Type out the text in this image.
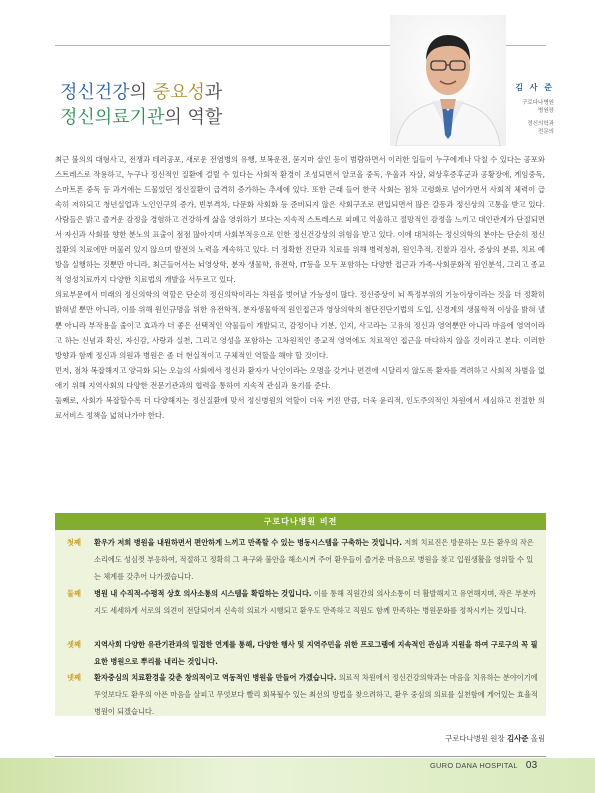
정신건강의 중요성과
정신의료기관의 역할
김 사 준
구로다나병원
병원장
정신의학과
전문의

최근 불의의 대형사고, 전쟁과 테러공포, 새로운 전염병의 유행, 보복운전, 묻지마 살인 등이 범람하면서 이러한 일들이 누구에게나 닥칠 수 있다는 공포와 스트레스로 작용하고, 누구나 정신적인 질환에 걸릴 수 있다는 사회적 환경이 조성되면서 알코올 중독, 우울과 자살, 외상후증후군과 공황장애, 게임중독, 스마트폰 중독 등 과거에는 드물었던 정신질환이 급격히 증가하는 추세에 있다. 또한 근래 들어 한국 사회는 점차 고령화로 넘어가면서 사회적 체력이 급속히 저하되고 청년실업과 노인인구의 증가, 빈부격차, 다문화 사회화 등 준비되지 않은 사회구조로 편입되면서 많은 갈등과 정신상의 고통을 받고 있다. 사람들은 밝고 즐거운 감정을 경험하고 건강하게 삶을 영위하기 보다는 지속적 스트레스로 피폐고 억울하고 절망적인 감정을 느끼고 대인관계가 단절되면서 자신과 사회를 향한 분노의 표출이 점점 많아지며 사회부적응으로 인한 정신건강상의 위험을 받고 있다. 이에 대처하는 정신의학의 분야는 단순히 정신질환의 치료에만 머물러 있지 않으며 발전의 노력을 계속하고 있다. 더 정확한 진단과 치료를 위해 병력청취, 원인추적, 진찰과 검사, 증상의 분류, 치료 예방을 실행하는 것뿐만 아니라, 최근들어서는 뇌영상학, 분자 생물학, 유전학, IT등을 모두 포함하는 다양한 접근과 가족-사회문화적 원인분석, 그리고 종교적 영성치료까지 다양한 치료법의 개발을 서두르고 있다.

의료부문에서 미래의 정신의학의 역할은 단순히 정신의학이라는 차원을 벗어날 가능성이 많다. 정신증상이 뇌 특정부위의 기능이상이라는 것을 더 정확히 밝혀낼 뿐만 아니라, 이를 위해 원인규명을 위한 유전학적, 분자생물학적 원인접근과 영상의학의 첨단진단기법의 도입, 신경계의 생물학적 이상을 밝혀 낼뿐 아니라 부작용을 줄이고 효과가 더 좋은 선택적인 약물들이 개발되고, 감정이나 기분, 인지, 사고라는 고유의 정신과 영역뿐만 아니라 마음에 영역이라고 하는 신념과 확신, 자신감, 사랑과 실천, 그리고 영성을 포함하는 고차원적인 종교적 영역에도 치료적인 접근을 마다하지 않을 것이라고 본다. 이러한 방향과 함께 정신과 의원과 병원은 좀 더 현실적이고 구체적인 역할을 해야 할 것이다.

먼저, 점차 복잡해지고 양극화 되는 오늘의 사회에서 정신과 환자가 낙인이라는 오명을 갖거나 편견에 시달리지 않도록 환자를 격려하고 사회적 차별을 없애기 위해 지역사회의 다양한 전문기관과의 협력을 통하여 지속적 관심과 용기를 준다.

둘째로, 사회가 복잡할수록 더 다양해지는 정신질환에 맞서 정신병원의 역할이 더욱 커진 만큼, 더욱 윤리적, 인도주의적인 차원에서 세심하고 친절한 의료서비스 정책을 넓혀나가야 한다.

구로다나병원 비전
첫째 환우가 저희 병원을 내원하면서 편안하게 느끼고 만족할 수 있는 병동시스템을 구축하는 것입니다. 저희 치료진은 방문하는 모든 환우의 작은 소리에도 성심껏 부응하여, 적절하고 정확히 그 욕구와 불안을 해소시켜 주어 환우들이 즐거운 마음으로 병원을 찾고 입원생활을 영위할 수 있는 체계를 갖추어 나가겠습니다.
둘째 병원 내 수직적-수평적 상호 의사소통의 시스템을 확립하는 것입니다. 이를 통해 직원간의 의사소통이 더 활발해지고 유연해지며, 작은 부분까지도 세세하게 서로의 의견이 전달되어져 신속히 의료가 시행되고 환우도 만족하고 직원도 함께 만족하는 병원문화를 정착시키는 것입니다.
셋째 지역사회 다양한 유관기관과의 밀접한 연계를 통해, 다양한 행사 및 지역주민을 위한 프로그램에 지속적인 관심과 지원을 하여 구로구의 꼭 필요한 병원으로 뿌리를 내리는 것입니다.
넷째 환자중심의 치료환경을 갖춘 창의적이고 역동적인 병원을 만들어 가겠습니다. 의료적 차원에서 정신건강의학과는 마음을 치유하는 분야이기에 무엇보다도 환우의 아픈 마음을 살피고 무엇보다 빨리 회복될수 있는 최선의 방법을 찾으려하고, 환우 중심의 의료를 실천함에 게어있는 효율적 병원이 되겠습니다.
구로다나병원 원장 김사준 올림
GURO DANA HOSPITAL 03
